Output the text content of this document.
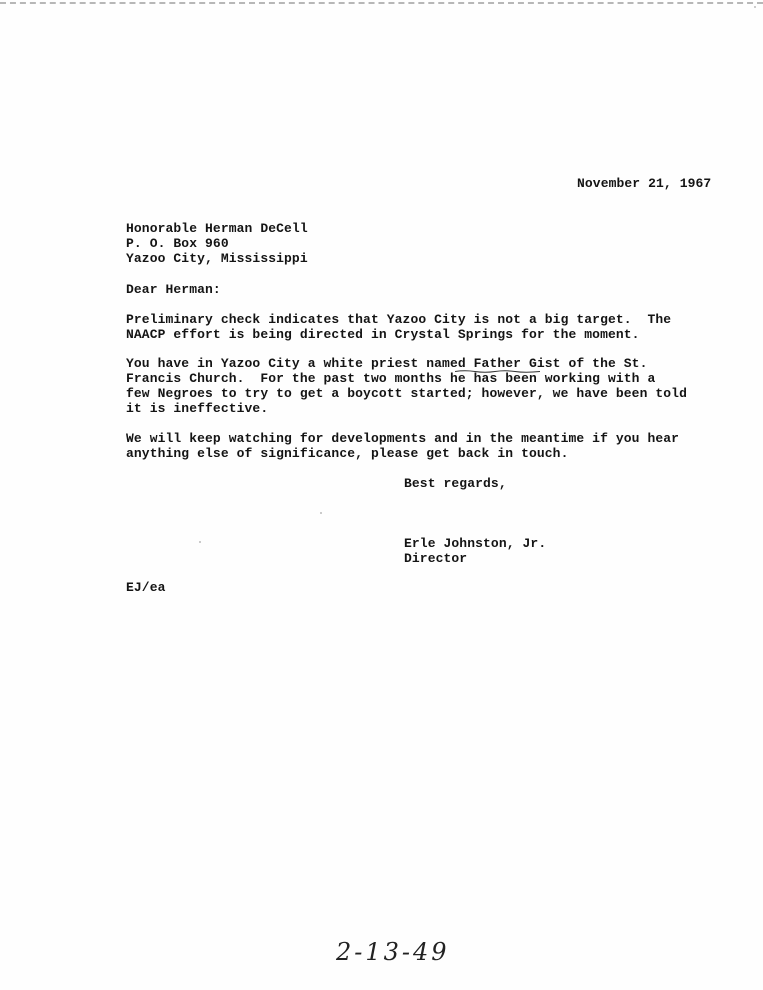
November 21, 1967
Honorable Herman DeCell
P. O. Box 960
Yazoo City, Mississippi
Dear Herman:
Preliminary check indicates that Yazoo City is not a big target.  The
NAACP effort is being directed in Crystal Springs for the moment.
You have in Yazoo City a white priest named Father Gist of the St.
Francis Church.  For the past two months he has been working with a
few Negroes to try to get a boycott started; however, we have been told
it is ineffective.
We will keep watching for developments and in the meantime if you hear
anything else of significance, please get back in touch.
Best regards,
Erle Johnston, Jr.
Director
EJ/ea
2-13-49
